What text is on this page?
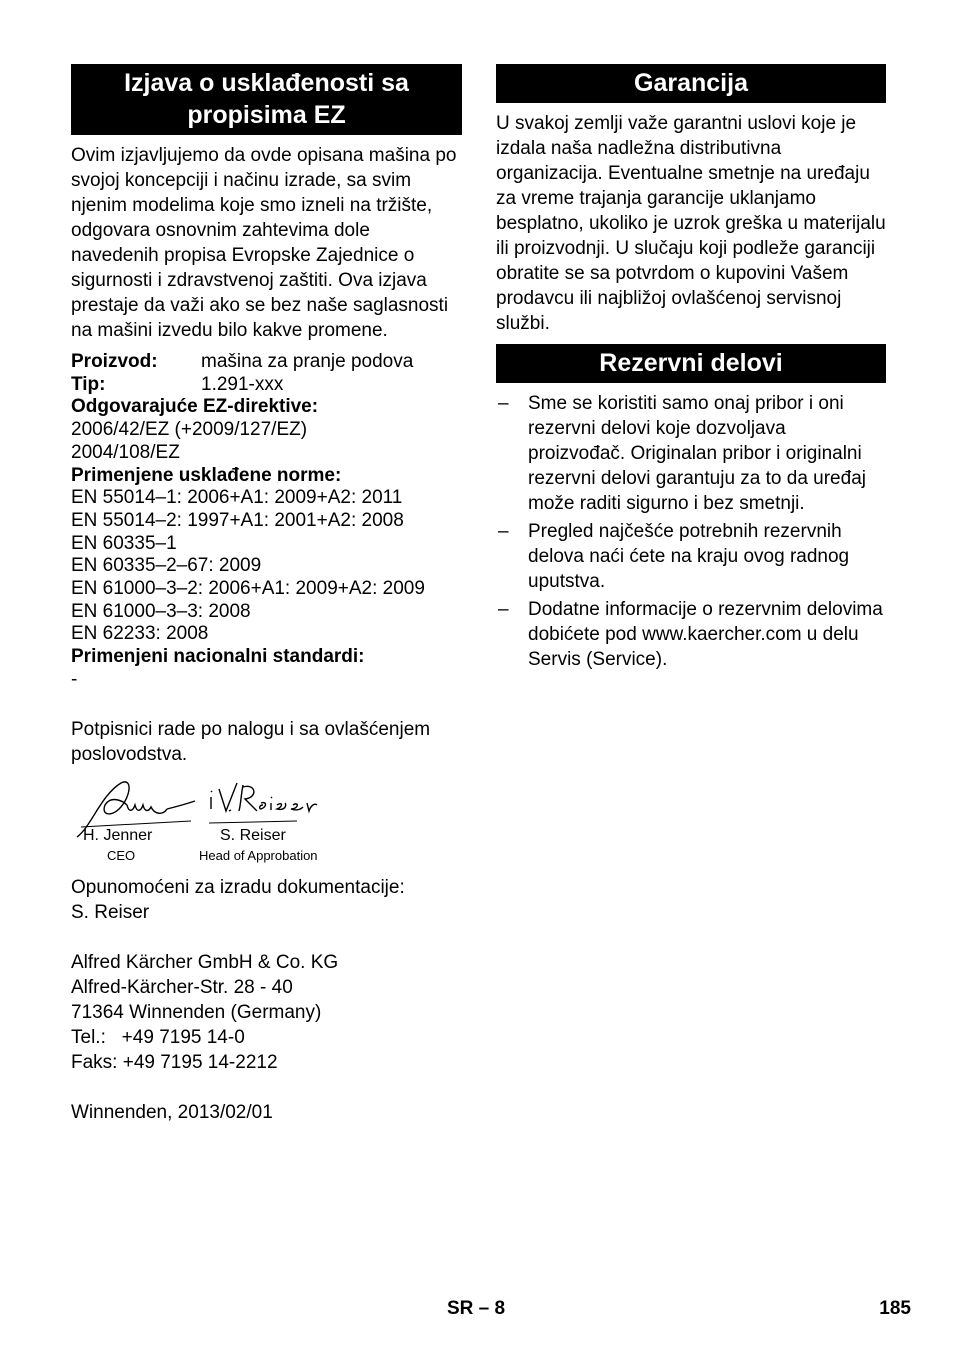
Izjava o usklađenosti sa propisima EZ

Ovim izjavljujemo da ovde opisana mašina po svojoj koncepciji i načinu izrade, sa svim njenim modelima koje smo izneli na tržište, odgovara osnovnim zahtevima dole navedenih propisa Evropske Zajednice o sigurnosti i zdravstvenoj zaštiti. Ova izjava prestaje da važi ako se bez naše saglasnosti na mašini izvedu bilo kakve promene.

Proizvod:	mašina za pranje podova
Tip:	1.291-xxx
Odgovarajuće EZ-direktive:
2006/42/EZ (+2009/127/EZ)
2004/108/EZ
Primenjene usklađene norme:
EN 55014–1: 2006+A1: 2009+A2: 2011
EN 55014–2: 1997+A1: 2001+A2: 2008
EN 60335–1
EN 60335–2–67: 2009
EN 61000–3–2: 2006+A1: 2009+A2: 2009
EN 61000–3–3: 2008
EN 62233: 2008
Primenjeni nacionalni standardi:
-

Potpisnici rade po nalogu i sa ovlašćenjem poslovodstva.

H. Jenner
CEO
S. Reiser
Head of Approbation

Opunomoćeni za izradu dokumentacije:

S. Reiser

Alfred Kärcher GmbH & Co. KG

Alfred-Kärcher-Str. 28 - 40

71364 Winnenden (Germany)

Tel.:   +49 7195 14-0

Faks: +49 7195 14-2212

Winnenden, 2013/02/01

Garancija

U svakoj zemlji važe garantni uslovi koje je izdala naša nadležna distributivna organizacija. Eventualne smetnje na uređaju za vreme trajanja garancije uklanjamo besplatno, ukoliko je uzrok greška u materijalu ili proizvodnji. U slučaju koji podleže garanciji obratite se sa potvrdom o kupovini Vašem prodavcu ili najbližoj ovlašćenoj servisnoj službi.

Rezervni delovi
– Sme se koristiti samo onaj pribor i oni rezervni delovi koje dozvoljava proizvođač. Originalan pribor i originalni rezervni delovi garantuju za to da uređaj može raditi sigurno i bez smetnji.
– Pregled najčešće potrebnih rezervnih delova naći ćete na kraju ovog radnog uputstva.
– Dodatne informacije o rezervnim delovima dobićete pod www.kaercher.com u delu Servis (Service).
SR – 8	185
